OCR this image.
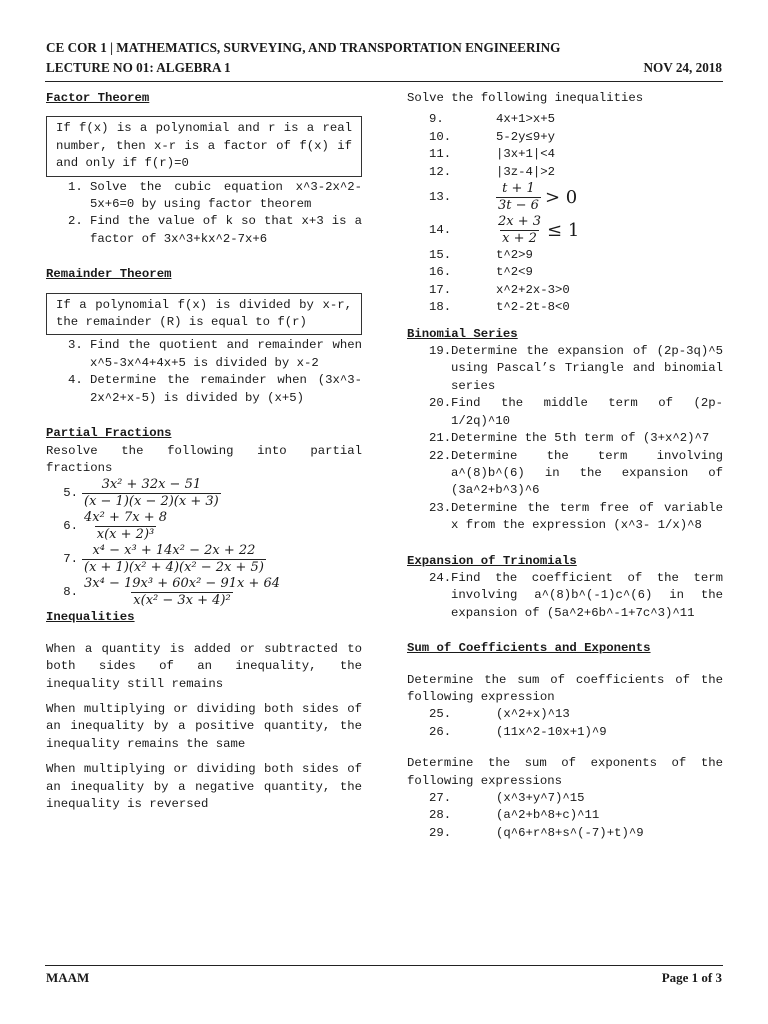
CE COR 1 | MATHEMATICS, SURVEYING, AND TRANSPORTATION ENGINEERING
LECTURE NO 01: ALGEBRA 1	NOV 24, 2018

Factor Theorem

If f(x) is a polynomial and r is a real number, then x-r is a factor of f(x) if and only if f(r)=0

1. Solve the cubic equation x^3-2x^2-5x+6=0 by using factor theorem
2. Find the value of k so that x+3 is a factor of 3x^3+kx^2-7x+6

Remainder Theorem

If a polynomial f(x) is divided by x-r, the remainder (R) is equal to f(r)

3. Find the quotient and remainder when x^5-3x^4+4x+5 is divided by x-2
4. Determine the remainder when (3x^3-2x^2+x-5) is divided by (x+5)

Partial Fractions

Resolve the following into partial fractions

5. $\frac{\text{3x² + 32x − 51}}{(x - 1)(x - 2)(x + 3)}$
6. $\frac{\text{4x² + 7x + 8}}{\text{x(x + 2)³}}$
7. $\frac{\text{x⁴ − x³ + 14x² − 2x + 22}}{\text{(x + 1)(x² + 4)(x² − 2x + 5)}}$
8. $\frac{\text{3x⁴ − 19x³ + 60x² − 91x + 64}}{\text{x(x² − 3x + 4)²}}$

Inequalities

When a quantity is added or subtracted to both sides of an inequality, the inequality still remains

When multiplying or dividing both sides of an inequality by a positive quantity, the inequality remains the same

When multiplying or dividing both sides of an inequality by a negative quantity, the inequality is reversed

Solve the following inequalities

9.	4x+1>x+5
10.	5-2y≤9+y
11.	|3x+1|<4
12.	|3z-4|>2
13.	$\frac{t + 1}{3t - 6} > 0$
14.	$\frac{2x + 3}{x + 2} \le 1$
15.	t^2>9
16.	t^2<9
17.	x^2+2x-3>0
18.	t^2-2t-8<0

Binomial Series

19. Determine the expansion of (2p-3q)^5 using Pascal’s Triangle and binomial series
20. Find the middle term of (2p- 1/2q)^10
21. Determine the 5th term of (3+x^2)^7
22. Determine the term involving a^(8)b^(6) in the expansion of (3a^2+b^3)^6
23. Determine the term free of variable x from the expression (x^3- 1/x)^8

Expansion of Trinomials

24. Find the coefficient of the term involving a^(8)b^(-1)c^(6) in the expansion of (5a^2+6b^-1+7c^3)^11

Sum of Coefficients and Exponents

Determine the sum of coefficients of the following expression

25.	(x^2+x)^13
26.	(11x^2-10x+1)^9

Determine the sum of exponents of the following expressions

27.	(x^3+y^7)^15
28.	(a^2+b^8+c)^11
29.	(q^6+r^8+s^(-7)+t)^9
MAAM	Page 1 of 3
